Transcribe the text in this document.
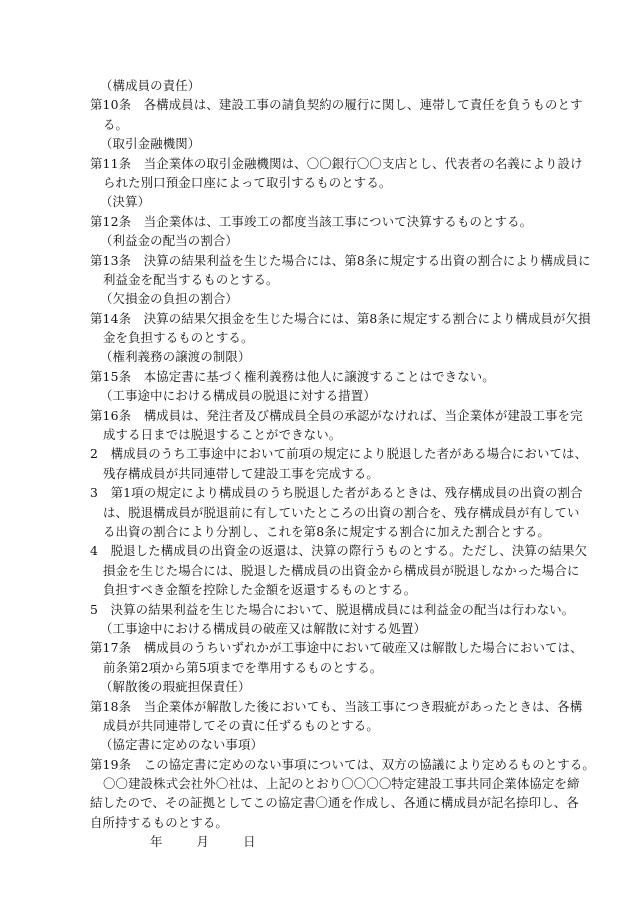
（構成員の責任）
第10条　各構成員は、建設工事の請負契約の履行に関し、連帯して責任を負うものとす
る。
（取引金融機関）
第11条　当企業体の取引金融機関は、〇〇銀行〇〇支店とし、代表者の名義により設け
られた別口預金口座によって取引するものとする。
（決算）
第12条　当企業体は、工事竣工の都度当該工事について決算するものとする。
（利益金の配当の割合）
第13条　決算の結果利益を生じた場合には、第8条に規定する出資の割合により構成員に
利益金を配当するものとする。
（欠損金の負担の割合）
第14条　決算の結果欠損金を生じた場合には、第8条に規定する割合により構成員が欠損
金を負担するものとする。
（権利義務の譲渡の制限）
第15条　本協定書に基づく権利義務は他人に譲渡することはできない。
（工事途中における構成員の脱退に対する措置）
第16条　構成員は、発注者及び構成員全員の承認がなければ、当企業体が建設工事を完
成する日までは脱退することができない。
2　構成員のうち工事途中において前項の規定により脱退した者がある場合においては、
残存構成員が共同連帯して建設工事を完成する。
3　第1項の規定により構成員のうち脱退した者があるときは、残存構成員の出資の割合
は、脱退構成員が脱退前に有していたところの出資の割合を、残存構成員が有してい
る出資の割合により分割し、これを第8条に規定する割合に加えた割合とする。
4　脱退した構成員の出資金の返還は、決算の際行うものとする。ただし、決算の結果欠
損金を生じた場合には、脱退した構成員の出資金から構成員が脱退しなかった場合に
負担すべき金額を控除した金額を返還するものとする。
5　決算の結果利益を生じた場合において、脱退構成員には利益金の配当は行わない。
（工事途中における構成員の破産又は解散に対する処置）
第17条　構成員のうちいずれかが工事途中において破産又は解散した場合においては、
前条第2項から第5項までを準用するものとする。
（解散後の瑕疵担保責任）
第18条　当企業体が解散した後においても、当該工事につき瑕疵があったときは、各構
成員が共同連帯してその責に任ずるものとする。
（協定書に定めのない事項）
第19条　この協定書に定めのない事項については、双方の協議により定めるものとする。
〇〇建設株式会社外〇社は、上記のとおり〇〇〇〇特定建設工事共同企業体協定を締
結したので、その証拠としてこの協定書〇通を作成し、各通に構成員が記名捺印し、各
自所持するものとする。
年	月	日
